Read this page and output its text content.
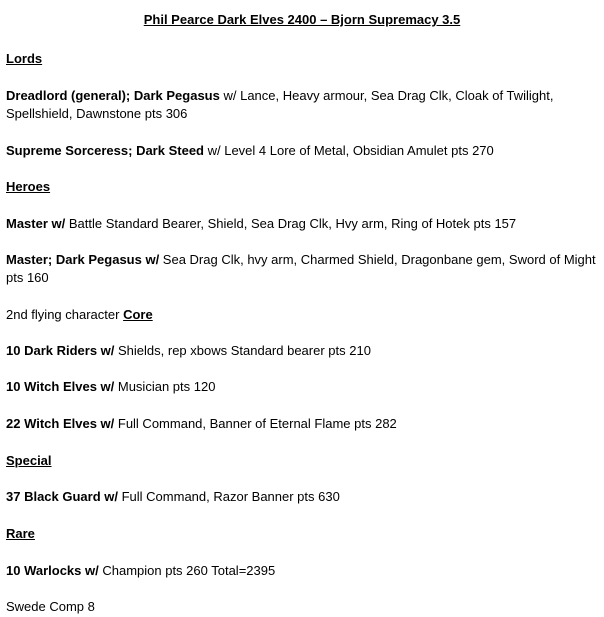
Phil Pearce Dark Elves 2400 – Bjorn Supremacy 3.5
Lords
Dreadlord (general); Dark Pegasus w/ Lance, Heavy armour, Sea Drag Clk, Cloak of Twilight, Spellshield, Dawnstone pts 306
Supreme Sorceress; Dark Steed w/ Level 4 Lore of Metal, Obsidian Amulet pts 270
Heroes
Master w/ Battle Standard Bearer, Shield, Sea Drag Clk, Hvy arm, Ring of Hotek pts 157
Master; Dark Pegasus w/ Sea Drag Clk, hvy arm, Charmed Shield, Dragonbane gem, Sword of Might pts 160
2nd flying character Core
10 Dark Riders w/ Shields, rep xbows Standard bearer pts 210
10 Witch Elves w/ Musician pts 120
22 Witch Elves w/ Full Command, Banner of Eternal Flame pts 282
Special
37 Black Guard w/ Full Command, Razor Banner pts 630
Rare
10 Warlocks w/ Champion pts 260 Total=2395
Swede Comp 8
